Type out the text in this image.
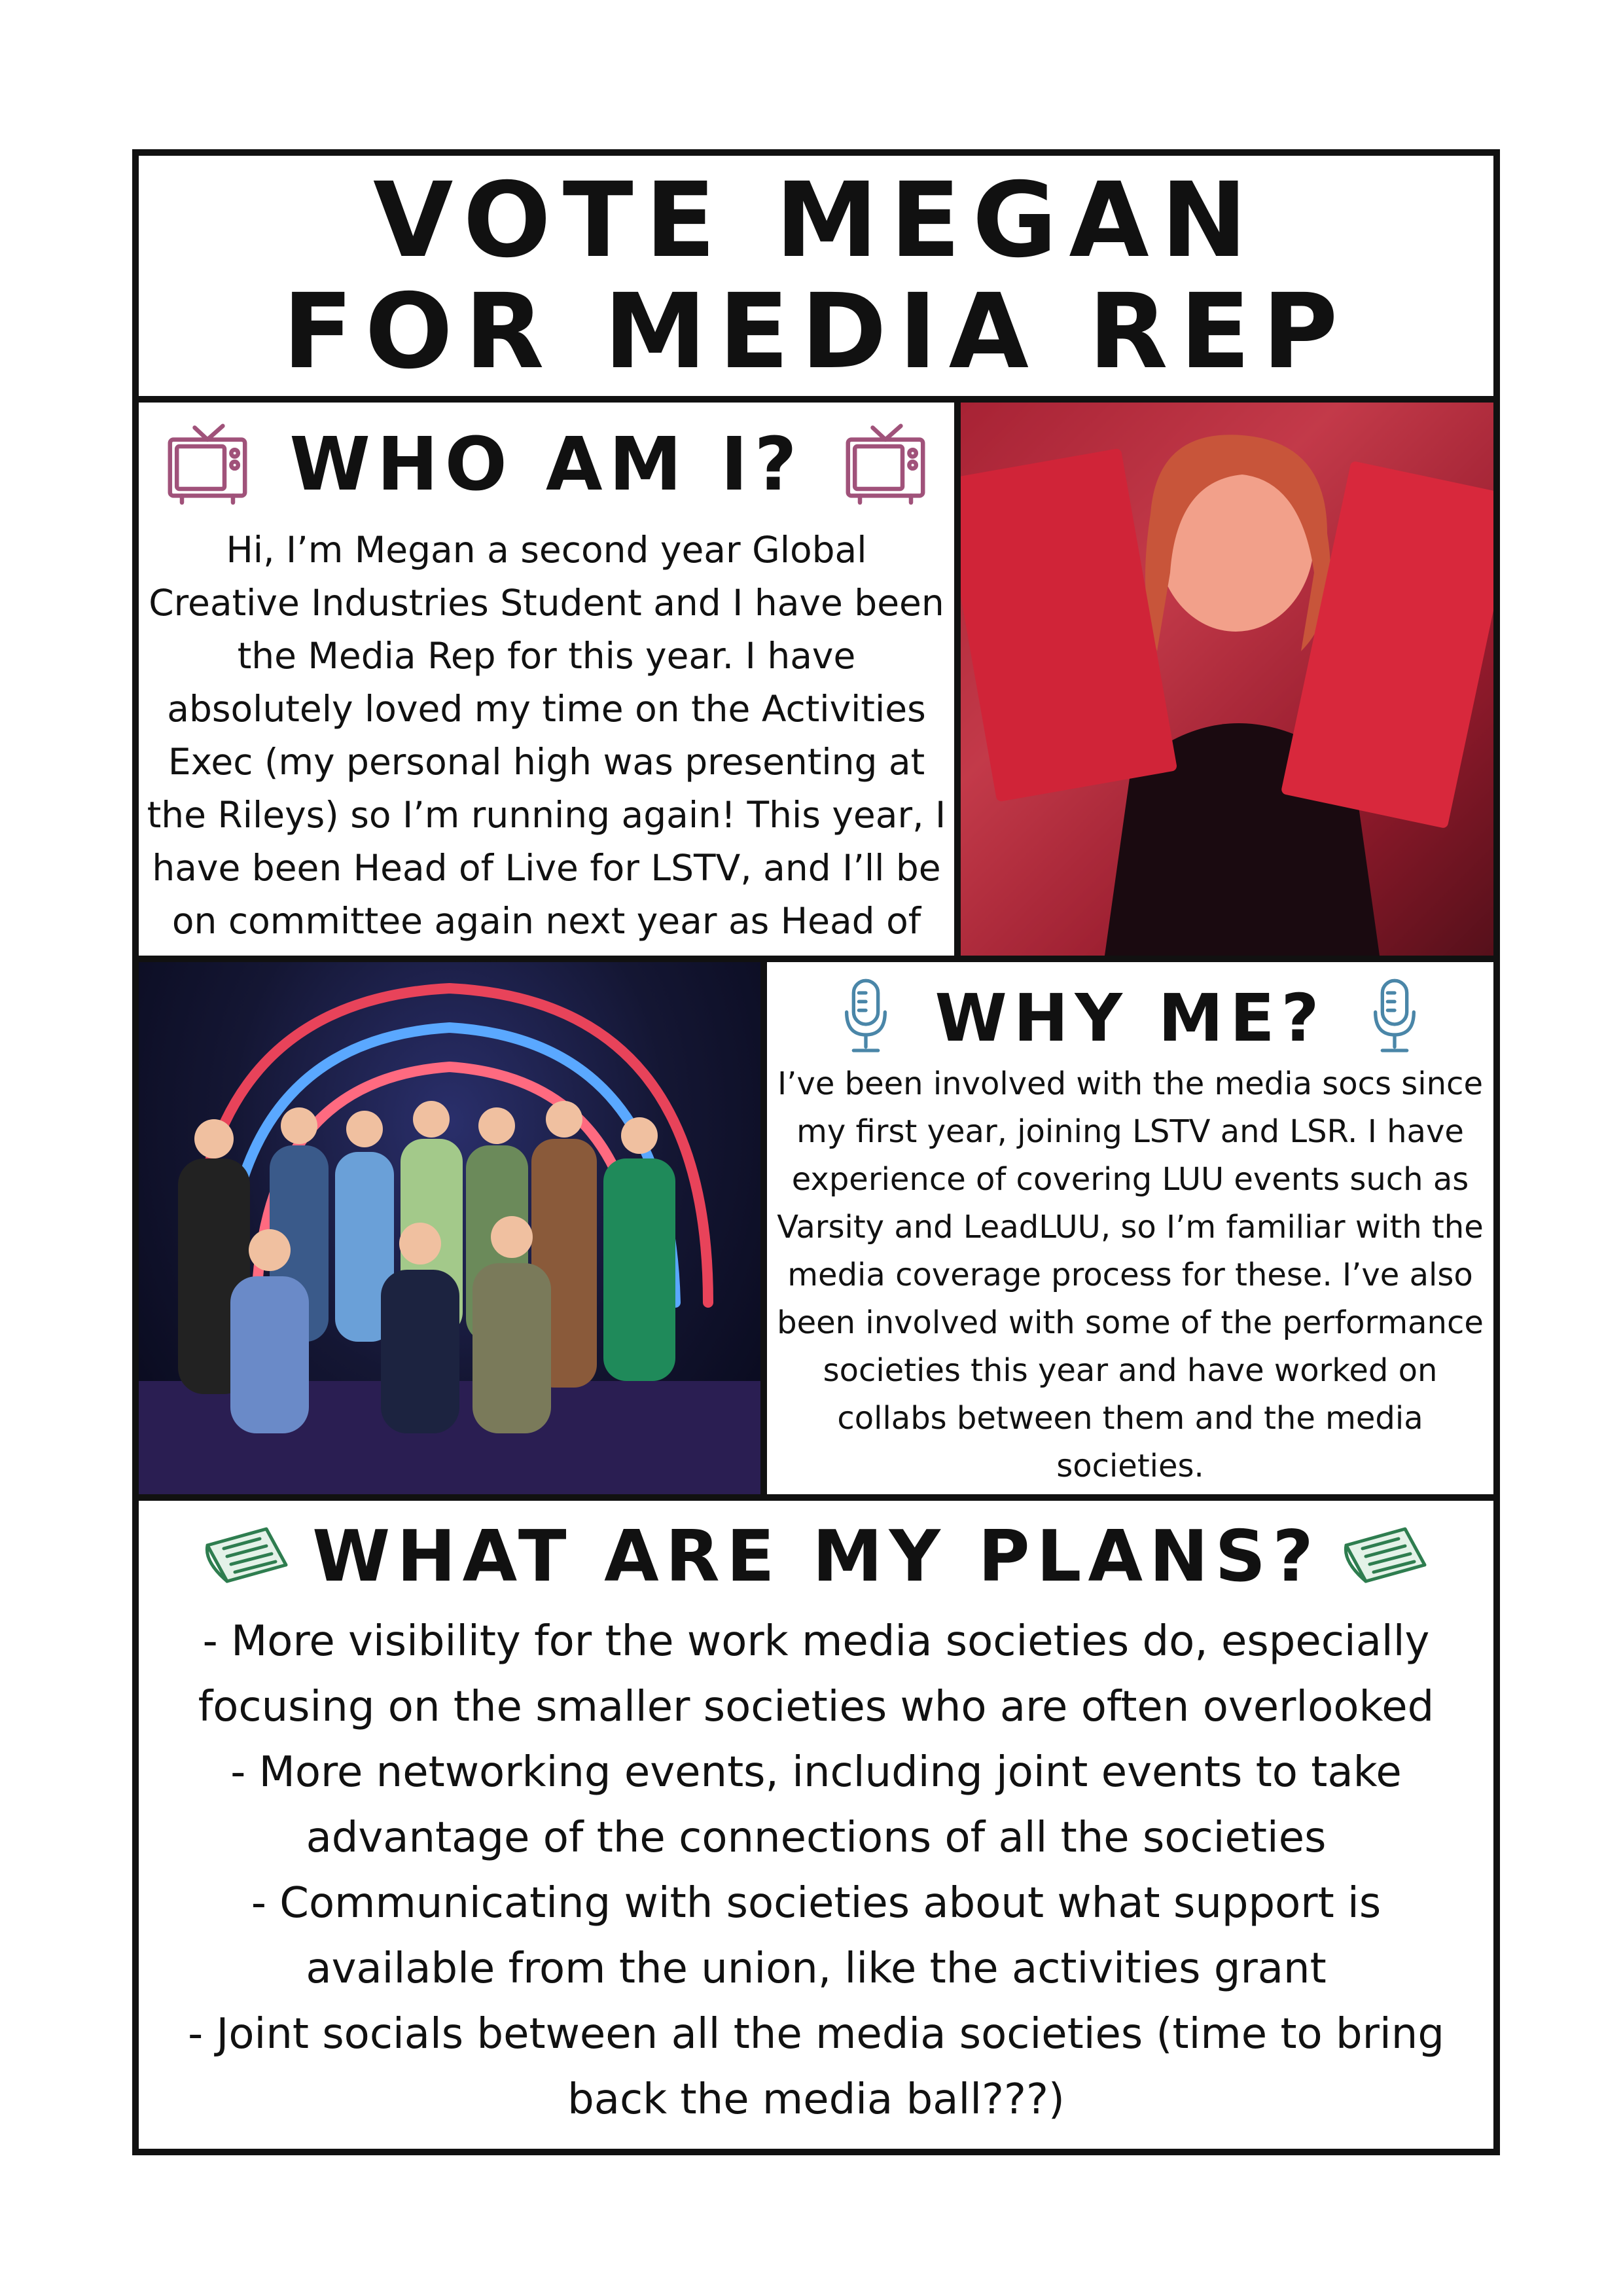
VOTE MEGAN
FOR MEDIA REP
WHO AM I?
Hi, I’m Megan a second year Global Creative Industries Student and I have been the Media Rep for this year. I have absolutely loved my time on the Activities Exec (my personal high was presenting at the Rileys) so I’m running again! This year, I have been Head of Live for LSTV, and I’ll be on committee again next year as Head of
WHY ME?
I’ve been involved with the media socs since my first year, joining LSTV and LSR. I have experience of covering LUU events such as Varsity and LeadLUU, so I’m familiar with the media coverage process for these. I’ve also been involved with some of the performance societies this year and have worked on collabs between them and the media societies.
WHAT ARE MY PLANS?
- More visibility for the work media societies do, especially focusing on the smaller societies who are often overlooked
- More networking events, including joint events to take advantage of the connections of all the societies
- Communicating with societies about what support is available from the union, like the activities grant
- Joint socials between all the media societies (time to bring back the media ball???)
